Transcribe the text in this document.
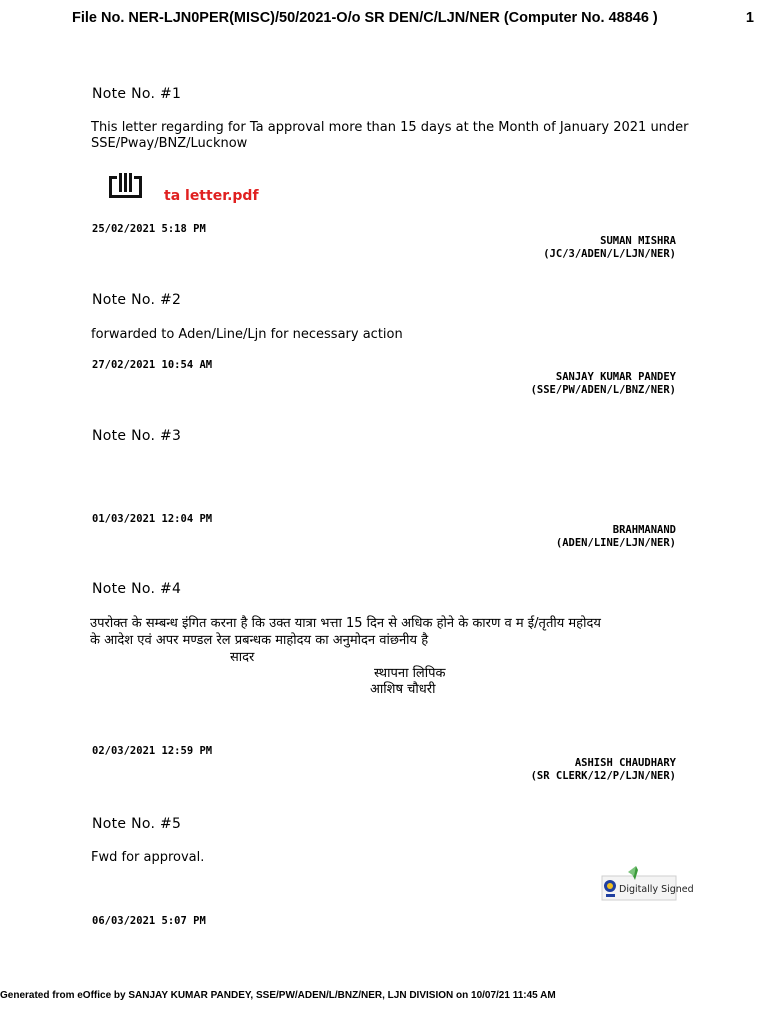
File No. NER-LJN0PER(MISC)/50/2021-O/o SR DEN/C/LJN/NER (Computer No. 48846 )	1
Note No. #1
This letter regarding for Ta approval more than 15 days at the Month of January 2021 under SSE/Pway/BNZ/Lucknow
ta letter.pdf
25/02/2021 5:18 PM
SUMAN MISHRA
(JC/3/ADEN/L/LJN/NER)
Note No. #2
forwarded to Aden/Line/Ljn for necessary action
27/02/2021 10:54 AM
SANJAY KUMAR PANDEY
(SSE/PW/ADEN/L/BNZ/NER)
Note No. #3
01/03/2021 12:04 PM
BRAHMANAND
(ADEN/LINE/LJN/NER)
Note No. #4
उपरोक्त के सम्बन्ध इंगित करना है कि उक्त यात्रा भत्ता 15 दिन से अधिक होने के कारण व म ई/तृतीय महोदय
के आदेश एवं अपर मण्डल रेल प्रबन्धक माहोदय का अनुमोदन वांछनीय है
सादर
स्थापना लिपिक
आशिष चौधरी
02/03/2021 12:59 PM
ASHISH CHAUDHARY
(SR CLERK/12/P/LJN/NER)
Note No. #5
Fwd for approval.
Digitally Signed
06/03/2021 5:07 PM
Generated from eOffice by SANJAY KUMAR PANDEY, SSE/PW/ADEN/L/BNZ/NER, LJN DIVISION on 10/07/21 11:45 AM
